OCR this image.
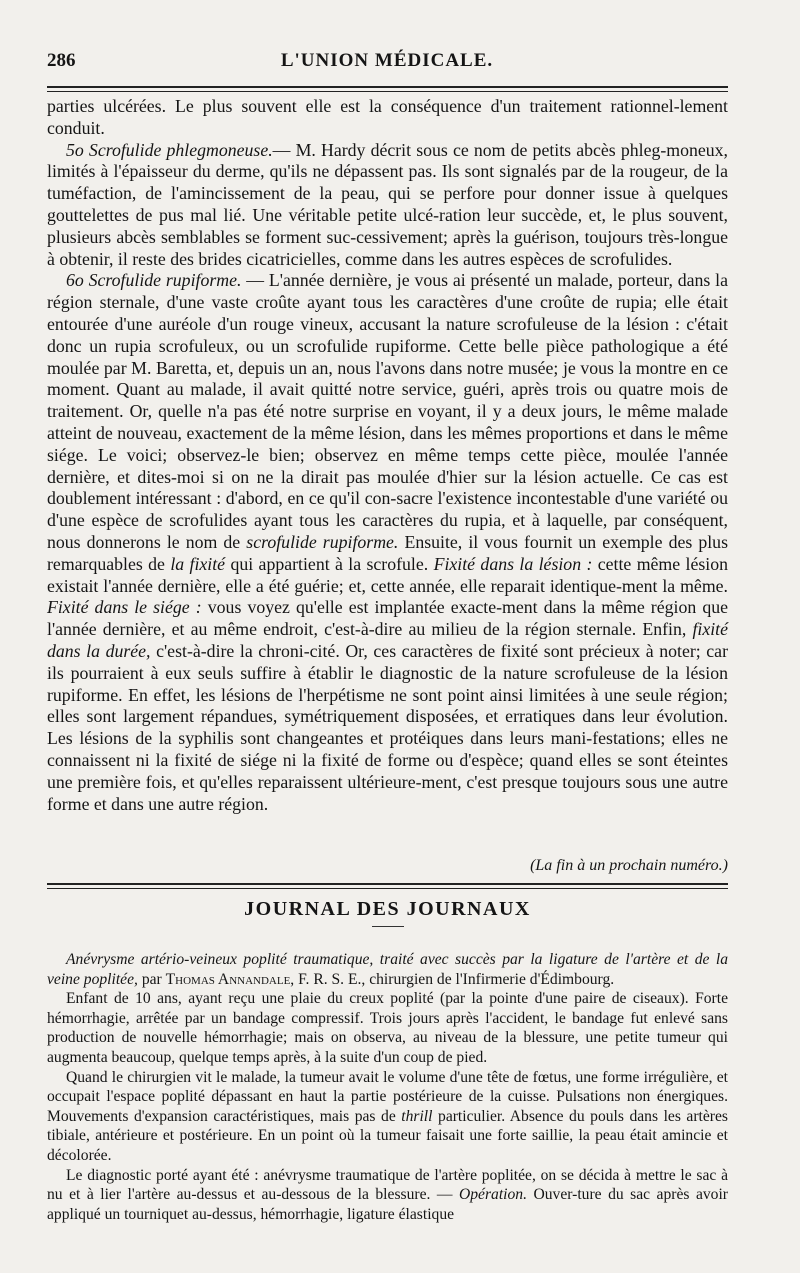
286	L'UNION MÉDICALE.

parties ulcérées. Le plus souvent elle est la conséquence d'un traitement rationnel-lement conduit.

5o Scrofulide phlegmoneuse.— M. Hardy décrit sous ce nom de petits abcès phleg-moneux, limités à l'épaisseur du derme, qu'ils ne dépassent pas. Ils sont signalés par de la rougeur, de la tuméfaction, de l'amincissement de la peau, qui se perfore pour donner issue à quelques gouttelettes de pus mal lié. Une véritable petite ulcé-ration leur succède, et, le plus souvent, plusieurs abcès semblables se forment suc-cessivement; après la guérison, toujours très-longue à obtenir, il reste des brides cicatricielles, comme dans les autres espèces de scrofulides.

6o Scrofulide rupiforme. — L'année dernière, je vous ai présenté un malade, porteur, dans la région sternale, d'une vaste croûte ayant tous les caractères d'une croûte de rupia; elle était entourée d'une auréole d'un rouge vineux, accusant la nature scrofuleuse de la lésion : c'était donc un rupia scrofuleux, ou un scrofulide rupiforme. Cette belle pièce pathologique a été moulée par M. Baretta, et, depuis un an, nous l'avons dans notre musée; je vous la montre en ce moment. Quant au malade, il avait quitté notre service, guéri, après trois ou quatre mois de traitement. Or, quelle n'a pas été notre surprise en voyant, il y a deux jours, le même malade atteint de nouveau, exactement de la même lésion, dans les mêmes proportions et dans le même siége. Le voici; observez-le bien; observez en même temps cette pièce, moulée l'année dernière, et dites-moi si on ne la dirait pas moulée d'hier sur la lésion actuelle. Ce cas est doublement intéressant : d'abord, en ce qu'il con-sacre l'existence incontestable d'une variété ou d'une espèce de scrofulides ayant tous les caractères du rupia, et à laquelle, par conséquent, nous donnerons le nom de scrofulide rupiforme. Ensuite, il vous fournit un exemple des plus remarquables de la fixité qui appartient à la scrofule. Fixité dans la lésion : cette même lésion existait l'année dernière, elle a été guérie; et, cette année, elle reparait identique-ment la même. Fixité dans le siége : vous voyez qu'elle est implantée exacte-ment dans la même région que l'année dernière, et au même endroit, c'est-à-dire au milieu de la région sternale. Enfin, fixité dans la durée, c'est-à-dire la chroni-cité. Or, ces caractères de fixité sont précieux à noter; car ils pourraient à eux seuls suffire à établir le diagnostic de la nature scrofuleuse de la lésion rupiforme. En effet, les lésions de l'herpétisme ne sont point ainsi limitées à une seule région; elles sont largement répandues, symétriquement disposées, et erratiques dans leur évolution. Les lésions de la syphilis sont changeantes et protéiques dans leurs mani-festations; elles ne connaissent ni la fixité de siége ni la fixité de forme ou d'espèce; quand elles se sont éteintes une première fois, et qu'elles reparaissent ultérieure-ment, c'est presque toujours sous une autre forme et dans une autre région.

(La fin à un prochain numéro.)
JOURNAL DES JOURNAUX

Anévrysme artério-veineux poplité traumatique, traité avec succès par la ligature de l'artère et de la veine poplitée, par Thomas Annandale, F. R. S. E., chirurgien de l'Infirmerie d'Édimbourg.

Enfant de 10 ans, ayant reçu une plaie du creux poplité (par la pointe d'une paire de ciseaux). Forte hémorrhagie, arrêtée par un bandage compressif. Trois jours après l'accident, le bandage fut enlevé sans production de nouvelle hémorrhagie; mais on observa, au niveau de la blessure, une petite tumeur qui augmenta beaucoup, quelque temps après, à la suite d'un coup de pied.

Quand le chirurgien vit le malade, la tumeur avait le volume d'une tête de fœtus, une forme irrégulière, et occupait l'espace poplité dépassant en haut la partie postérieure de la cuisse. Pulsations non énergiques. Mouvements d'expansion caractéristiques, mais pas de thrill particulier. Absence du pouls dans les artères tibiale, antérieure et postérieure. En un point où la tumeur faisait une forte saillie, la peau était amincie et décolorée.

Le diagnostic porté ayant été : anévrysme traumatique de l'artère poplitée, on se décida à mettre le sac à nu et à lier l'artère au-dessus et au-dessous de la blessure. — Opération. Ouver-ture du sac après avoir appliqué un tourniquet au-dessus, hémorrhagie, ligature élastique
